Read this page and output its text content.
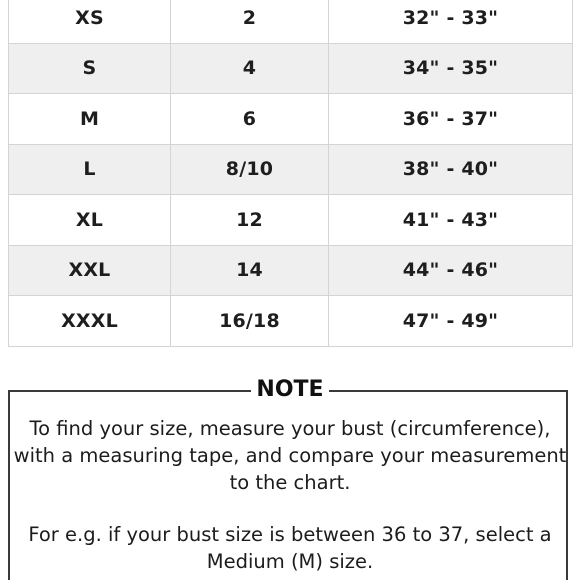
XS	2	32" - 33"
S	4	34" - 35"
M	6	36" - 37"
L	8/10	38" - 40"
XL	12	41" - 43"
XXL	14	44" - 46"
XXXL	16/18	47" - 49"
NOTE

To find your size, measure your bust (circumference), with a measuring tape, and compare your measurement to the chart.

For e.g. if your bust size is between 36 to 37, select a Medium (M) size.
